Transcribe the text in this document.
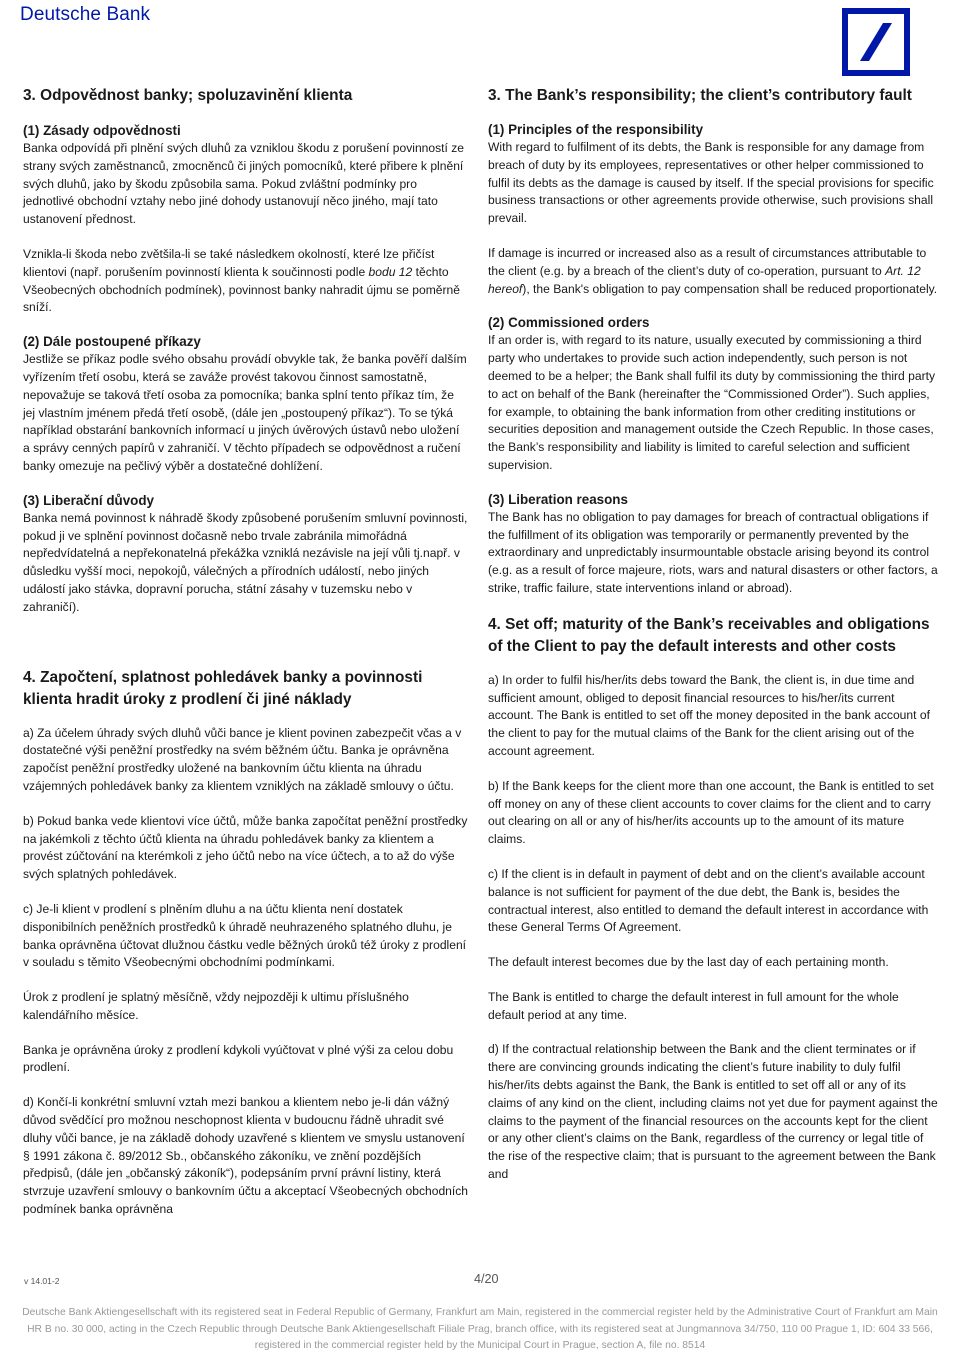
Deutsche Bank
3. Odpovědnost banky; spoluzavinění klienta
(1) Zásady odpovědnosti

Banka odpovídá při plnění svých dluhů za vzniklou škodu z porušení povinností ze strany svých zaměstnanců, zmocněnců či jiných pomocníků, které přibere k plnění svých dluhů, jako by škodu způsobila sama. Pokud zvláštní podmínky pro jednotlivé obchodní vztahy nebo jiné dohody ustanovují něco jiného, mají tato ustanovení přednost.

Vznikla-li škoda nebo zvětšila-li se také následkem okolností, které lze přičíst klientovi (např. porušením povinností klienta k součinnosti podle bodu 12 těchto Všeobecných obchodních podmínek), povinnost banky nahradit újmu se poměrně sníží.

(2) Dále postoupené příkazy

Jestliže se příkaz podle svého obsahu provádí obvykle tak, že banka pověří dalším vyřízením třetí osobu, která se zaváže provést takovou činnost samostatně, nepovažuje se taková třetí osoba za pomocníka; banka splní tento příkaz tím, že jej vlastním jménem předá třetí osobě, (dále jen „postoupený příkaz“). To se týká například obstarání bankovních informací u jiných úvěrových ústavů nebo uložení a správy cenných papírů v zahraničí. V těchto případech se odpovědnost a ručení banky omezuje na pečlivý výběr a dostatečné dohlížení.

(3) Liberační důvody

Banka nemá povinnost k náhradě škody způsobené porušením smluvní povinnosti, pokud ji ve splnění povinnost dočasně nebo trvale zabránila mimořádná nepředvídatelná a nepřekonatelná překážka vzniklá nezávisle na její vůli tj.např. v důsledku vyšší moci, nepokojů, válečných a přírodních událostí, nebo jiných událostí jako stávka, dopravní porucha, státní zásahy v tuzemsku nebo v zahraničí).

4. Započtení, splatnost pohledávek banky a povinnosti klienta hradit úroky z prodlení či jiné náklady

a) Za účelem úhrady svých dluhů vůči bance je klient povinen zabezpečit včas a v dostatečné výši peněžní prostředky na svém běžném účtu. Banka je oprávněna započíst peněžní prostředky uložené na bankovním účtu klienta na úhradu vzájemných pohledávek banky za klientem vzniklých na základě smlouvy o účtu.

b) Pokud banka vede klientovi více účtů, může banka započítat peněžní prostředky na jakémkoli z těchto účtů klienta na úhradu pohledávek banky za klientem a provést zúčtování na kterémkoli z jeho účtů nebo na více účtech, a to až do výše svých splatných pohledávek.

c) Je-li klient v prodlení s plněním dluhu a na účtu klienta není dostatek disponibilních peněžních prostředků k úhradě neuhrazeného splatného dluhu, je banka oprávněna účtovat dlužnou částku vedle běžných úroků též úroky z prodlení v souladu s těmito Všeobecnými obchodními podmínkami.

Úrok z prodlení je splatný měsíčně, vždy nejpozději k ultimu příslušného kalendářního měsíce.

Banka je oprávněna úroky z prodlení kdykoli vyúčtovat v plné výši za celou dobu prodlení.

d) Končí-li konkrétní smluvní vztah mezi bankou a klientem nebo je-li dán vážný důvod svědčící pro možnou neschopnost klienta v budoucnu řádně uhradit své dluhy vůči bance, je na základě dohody uzavřené s klientem ve smyslu ustanovení § 1991 zákona č. 89/2012 Sb., občanského zákoníku, ve znění pozdějších předpisů, (dále jen „občanský zákoník“), podepsáním první právní listiny, která stvrzuje uzavření smlouvy o bankovním účtu a akceptací Všeobecných obchodních podmínek banka oprávněna

3. The Bank’s responsibility; the client’s contributory fault
(1) Principles of the responsibility

With regard to fulfilment of its debts, the Bank is responsible for any damage from breach of duty by its employees, representatives or other helper commissioned to fulfil its debts as the damage is caused by itself. If the special provisions for specific business transactions or other agreements provide otherwise, such provisions shall prevail.

If damage is incurred or increased also as a result of circumstances attributable to the client (e.g. by a breach of the client’s duty of co-operation, pursuant to Art. 12 hereof), the Bank's obligation to pay compensation shall be reduced proportionately.

(2) Commissioned orders

If an order is, with regard to its nature, usually executed by commissioning a third party who undertakes to provide such action independently, such person is not deemed to be a helper; the Bank shall fulfil its duty by commissioning the third party to act on behalf of the Bank (hereinafter the “Commissioned Order”). Such applies, for example, to obtaining the bank information from other crediting institutions or securities deposition and management outside the Czech Republic. In those cases, the Bank’s responsibility and liability is limited to careful selection and sufficient supervision.

(3) Liberation reasons

The Bank has no obligation to pay damages for breach of contractual obligations if the fulfillment of its obligation was temporarily or permanently prevented by the extraordinary and unpredictably insurmountable obstacle arising beyond its control (e.g. as a result of force majeure, riots, wars and natural disasters or other factors, a strike, traffic failure, state interventions inland or abroad).

4. Set off; maturity of the Bank’s receivables and obligations of the Client to pay the default interests and other costs

a) In order to fulfil his/her/its debs toward the Bank, the client is, in due time and sufficient amount, obliged to deposit financial resources to his/her/its current account. The Bank is entitled to set off the money deposited in the bank account of the client to pay for the mutual claims of the Bank for the client arising out of the account agreement.

b) If the Bank keeps for the client more than one account, the Bank is entitled to set off money on any of these client accounts to cover claims for the client and to carry out clearing on all or any of his/her/its accounts up to the amount of its mature claims.

c) If the client is in default in payment of debt and on the client’s available account balance is not sufficient for payment of the due debt, the Bank is, besides the contractual interest, also entitled to demand the default interest in accordance with these General Terms Of Agreement.

The default interest becomes due by the last day of each pertaining month.

The Bank is entitled to charge the default interest in full amount for the whole default period at any time.

d) If the contractual relationship between the Bank and the client terminates or if there are convincing grounds indicating the client’s future inability to duly fulfil his/her/its debts against the Bank, the Bank is entitled to set off all or any of its claims of any kind on the client, including claims not yet due for payment against the claims to the payment of the financial resources on the accounts kept for the client or any other client’s claims on the Bank, regardless of the currency or legal title of the rise of the respective claim; that is pursuant to the agreement between the Bank and

v 14.01-2	4/20
Deutsche Bank Aktiengesellschaft with its registered seat in Federal Republic of Germany, Frankfurt am Main, registered in the commercial register held by the Administrative Court of Frankfurt am Main HR B no. 30 000, acting in the Czech Republic through Deutsche Bank Aktiengesellschaft Filiale Prag, branch office, with its registered seat at Jungmannova 34/750, 110 00 Prague 1, ID: 604 33 566, registered in the commercial register held by the Municipal Court in Prague, section A, file no. 8514
